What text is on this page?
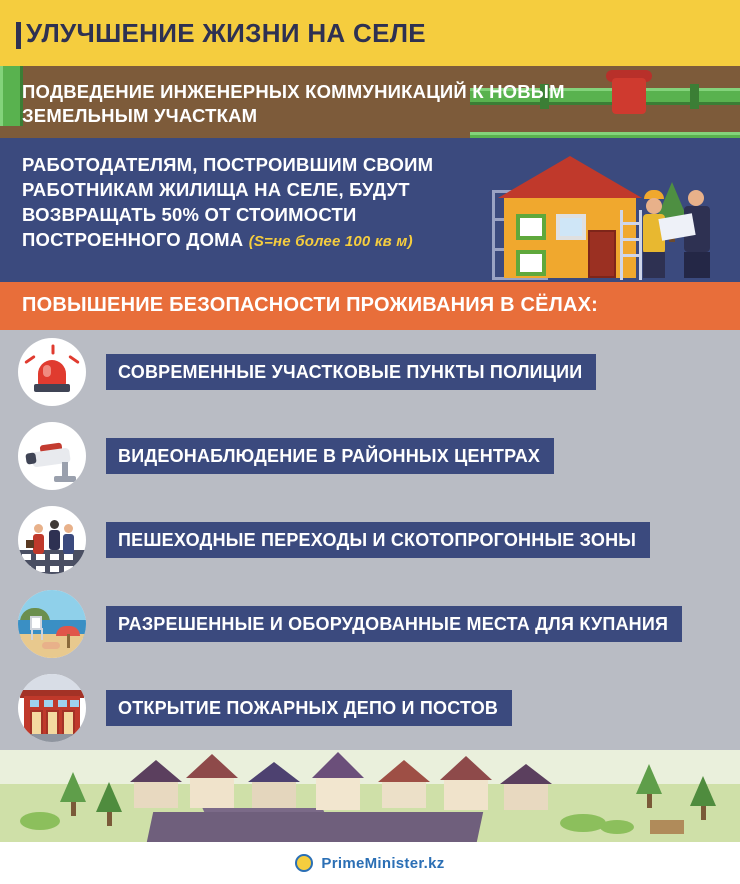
УЛУЧШЕНИЕ ЖИЗНИ НА СЕЛЕ
ПОДВЕДЕНИЕ ИНЖЕНЕРНЫХ КОММУНИКАЦИЙ К НОВЫМ ЗЕМЕЛЬНЫМ УЧАСТКАМ
РАБОТОДАТЕЛЯМ, ПОСТРОИВШИМ СВОИМ РАБОТНИКАМ ЖИЛИЩА НА СЕЛЕ, БУДУТ ВОЗВРАЩАТЬ 50% ОТ СТОИМОСТИ ПОСТРОЕННОГО ДОМА (S=не более 100 кв м)
ПОВЫШЕНИЕ БЕЗОПАСНОСТИ ПРОЖИВАНИЯ В СЁЛАХ:
СОВРЕМЕННЫЕ УЧАСТКОВЫЕ ПУНКТЫ ПОЛИЦИИ
ВИДЕОНАБЛЮДЕНИЕ В РАЙОННЫХ ЦЕНТРАХ
ПЕШЕХОДНЫЕ ПЕРЕХОДЫ И СКОТОПРОГОННЫЕ ЗОНЫ
РАЗРЕШЕННЫЕ И ОБОРУДОВАННЫЕ МЕСТА ДЛЯ КУПАНИЯ
ОТКРЫТИЕ ПОЖАРНЫХ ДЕПО И ПОСТОВ
PrimeMinister.kz
